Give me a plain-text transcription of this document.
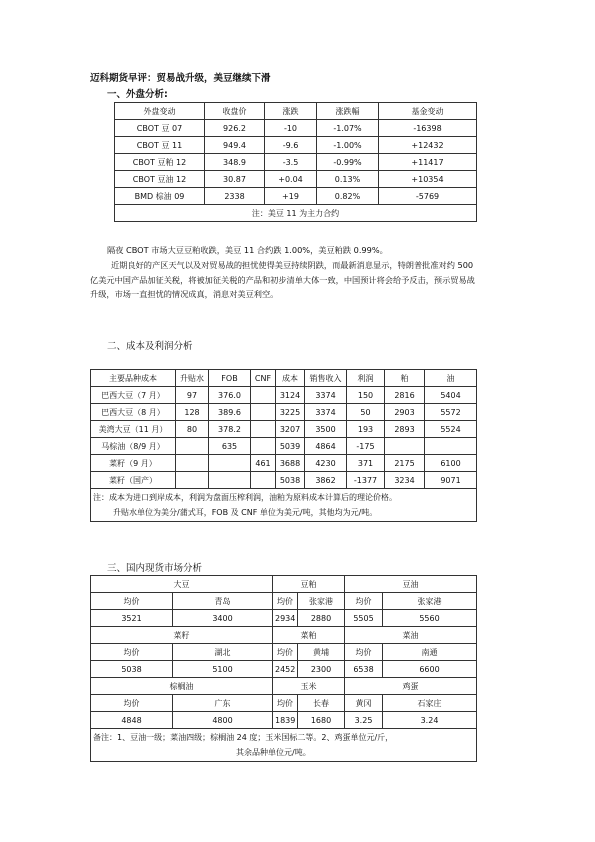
迈科期货早评：贸易战升级，美豆继续下滑
一、外盘分析:
外盘变动	收盘价	涨跌	涨跌幅	基金变动
CBOT 豆 07	926.2	-10	-1.07%	-16398
CBOT 豆 11	949.4	-9.6	-1.00%	+12432
CBOT 豆粕 12	348.9	-3.5	-0.99%	+11417
CBOT 豆油 12	30.87	+0.04	0.13%	+10354
BMD 棕油 09	2338	+19	0.82%	-5769
注：美豆 11 为主力合约				
隔夜 CBOT 市场大豆豆粕收跌，美豆 11 合约跌 1.00%，美豆粕跌 0.99%。
近期良好的产区天气以及对贸易战的担忧使得美豆持续阴跌，而最新消息显示，特朗普批准对约 500 亿美元中国产品加征关税，将被加征关税的产品和初步清单大体一致，中国预计将会给予反击，预示贸易战升级，市场一直担忧的情况成真，消息对美豆利空。
二、成本及利润分析
主要品种成本	升贴水	FOB	CNF	成本	销售收入	利润	粕	油
巴西大豆（7 月）	97	376.0		3124	3374	150	2816	5404
巴西大豆（8 月）	128	389.6		3225	3374	50	2903	5572
美湾大豆（11 月）	80	378.2		3207	3500	193	2893	5524
马棕油（8/9 月）		635		5039	4864	-175		
菜籽（9 月）			461	3688	4230	371	2175	6100
菜籽（国产）				5038	3862	-1377	3234	9071

注：成本为进口到岸成本，利润为盘面压榨利润，油粕为原料成本计算后的理论价格。
升贴水单位为美分/蒲式耳，FOB 及 CNF 单位为美元/吨，其他均为元/吨。								
三、国内现货市场分析
大豆		豆粕		豆油	
均价	青岛	均价	张家港	均价	张家港
3521	3400	2934	2880	5505	5560
菜籽		菜粕		菜油	
均价	湖北	均价	黄埔	均价	南通
5038	5100	2452	2300	6538	6600
棕榈油		玉米		鸡蛋	
均价	广东	均价	长春	黄冈	石家庄
4848	4800	1839	1680	3.25	3.24

备注：1、豆油一级；菜油四级；棕榈油 24 度；玉米国标二等。2、鸡蛋单位元/斤，
其余品种单位元/吨。					
